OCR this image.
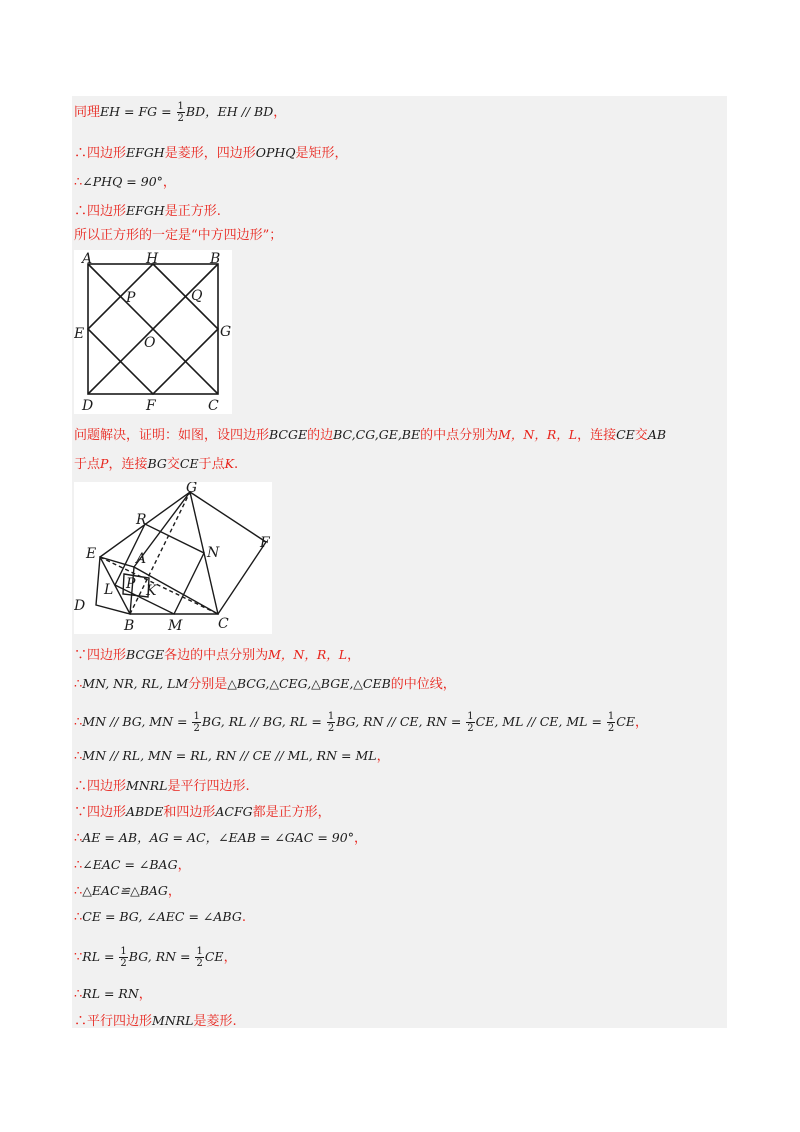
同理EH = FG = $\frac{1}{2}$ BD，EH // BD，
∴四边形EFGH是菱形，四边形OPHQ是矩形，
∴∠PHQ = 90°，
∴四边形EFGH是正方形.
所以正方形的一定是“中方四边形”；
A	H	B
P	Q
E	G
O
D	F	C
问题解决，证明：如图，设四边形BCGE的边BC,CG,GE,BE的中点分别为M，N，R，L，连接CE交AB
于点P，连接BG交CE于点K.
G
R
E	A	N
F
P
L K
D
B M	C
∵四边形BCGE各边的中点分别为M，N，R，L，
∴MN, NR, RL, LM分别是△BCG,△CEG,△BGE,△CEB的中位线，
∴MN // BG, MN = $\frac{1}{2}$ BG, RL // BG, RL = $\frac{1}{2}$ BG, RN // CE, RN = $\frac{1}{2}$ CE, ML // CE, ML = $\frac{1}{2}$ CE，
∴MN // RL, MN = RL, RN // CE // ML, RN = ML，
∴四边形MNRL是平行四边形.
∵四边形ABDE和四边形ACFG都是正方形，
∴AE = AB，AG = AC，∠EAB = ∠GAC = 90°，
∴∠EAC = ∠BAG，
∴△EAC≌△BAG，
∴CE = BG, ∠AEC = ∠ABG.
∵RL = $\frac{1}{2}$ BG, RN = $\frac{1}{2}$ CE，
∴RL = RN，
∴平行四边形MNRL是菱形.
